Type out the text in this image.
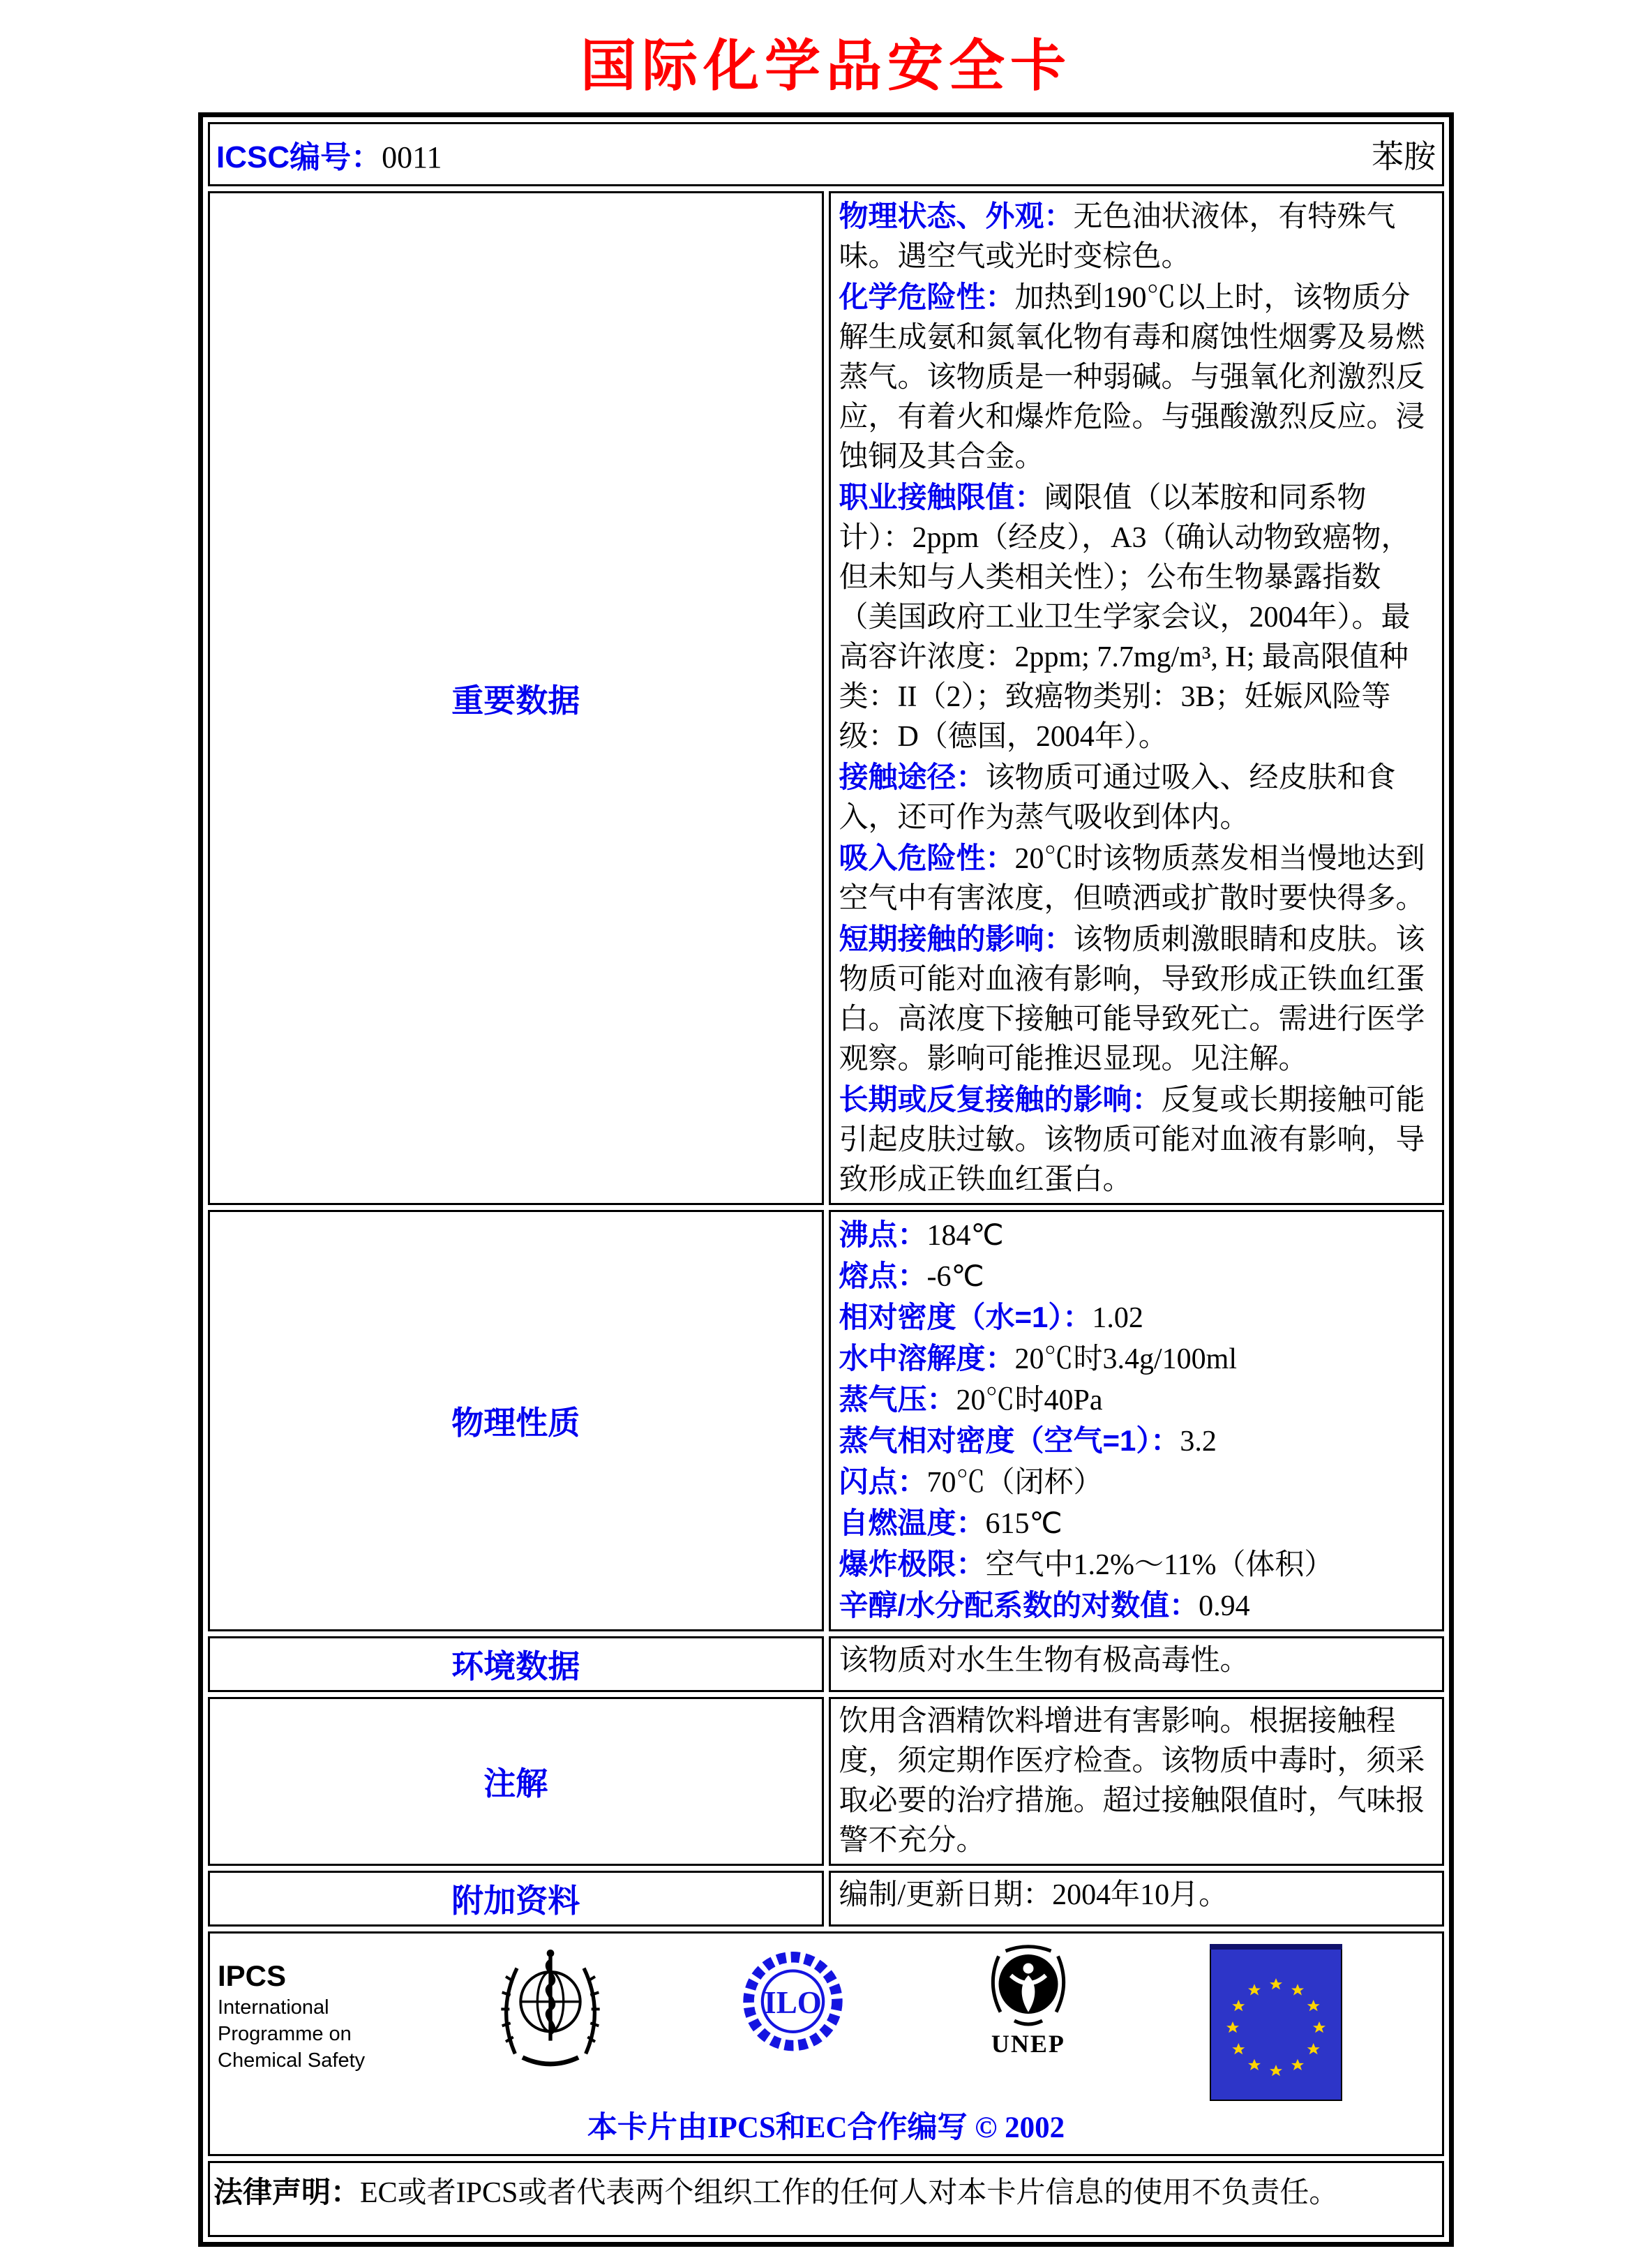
国际化学品安全卡
ICSC编号：0011 苯胺	

重要数据	

物理状态、外观：无色油状液体，有特殊气味。遇空气或光时变棕色。

化学危险性：加热到190℃以上时，该物质分解生成氨和氮氧化物有毒和腐蚀性烟雾及易燃蒸气。该物质是一种弱碱。与强氧化剂激烈反应，有着火和爆炸危险。与强酸激烈反应。浸蚀铜及其合金。

职业接触限值：阈限值（以苯胺和同系物计）：2ppm（经皮），A3（确认动物致癌物，但未知与人类相关性）；公布生物暴露指数（美国政府工业卫生学家会议，2004年）。最高容许浓度：2ppm; 7.7mg/m³, H; 最高限值种类：II（2）；致癌物类别：3B；妊娠风险等级：D（德国，2004年）。

接触途径：该物质可通过吸入、经皮肤和食入，还可作为蒸气吸收到体内。

吸入危险性：20℃时该物质蒸发相当慢地达到空气中有害浓度，但喷洒或扩散时要快得多。

短期接触的影响：该物质刺激眼睛和皮肤。该物质可能对血液有影响，导致形成正铁血红蛋白。高浓度下接触可能导致死亡。需进行医学观察。影响可能推迟显现。见注解。

长期或反复接触的影响：反复或长期接触可能引起皮肤过敏。该物质可能对血液有影响，导致形成正铁血红蛋白。

物理性质	

沸点：184℃

熔点：-6℃

相对密度（水=1）：1.02

水中溶解度：20℃时3.4g/100ml

蒸气压：20℃时40Pa

蒸气相对密度（空气=1）：3.2

闪点：70℃（闭杯）

自燃温度：615℃

爆炸极限：空气中1.2%～11%（体积）

辛醇/水分配系数的对数值：0.94

环境数据	该物质对水生生物有极高毒性。

注解	饮用含酒精饮料增进有害影响。根据接触程度，须定期作医疗检查。该物质中毒时，须采取必要的治疗措施。超过接触限值时，气味报警不充分。

附加资料	编制/更新日期：2004年10月。

IPCS
International
Programme on
Chemical Safety
ILO
UNEP
本卡片由IPCS和EC合作编写 © 2002

法律声明：EC或者IPCS或者代表两个组织工作的任何人对本卡片信息的使用不负责任。	
